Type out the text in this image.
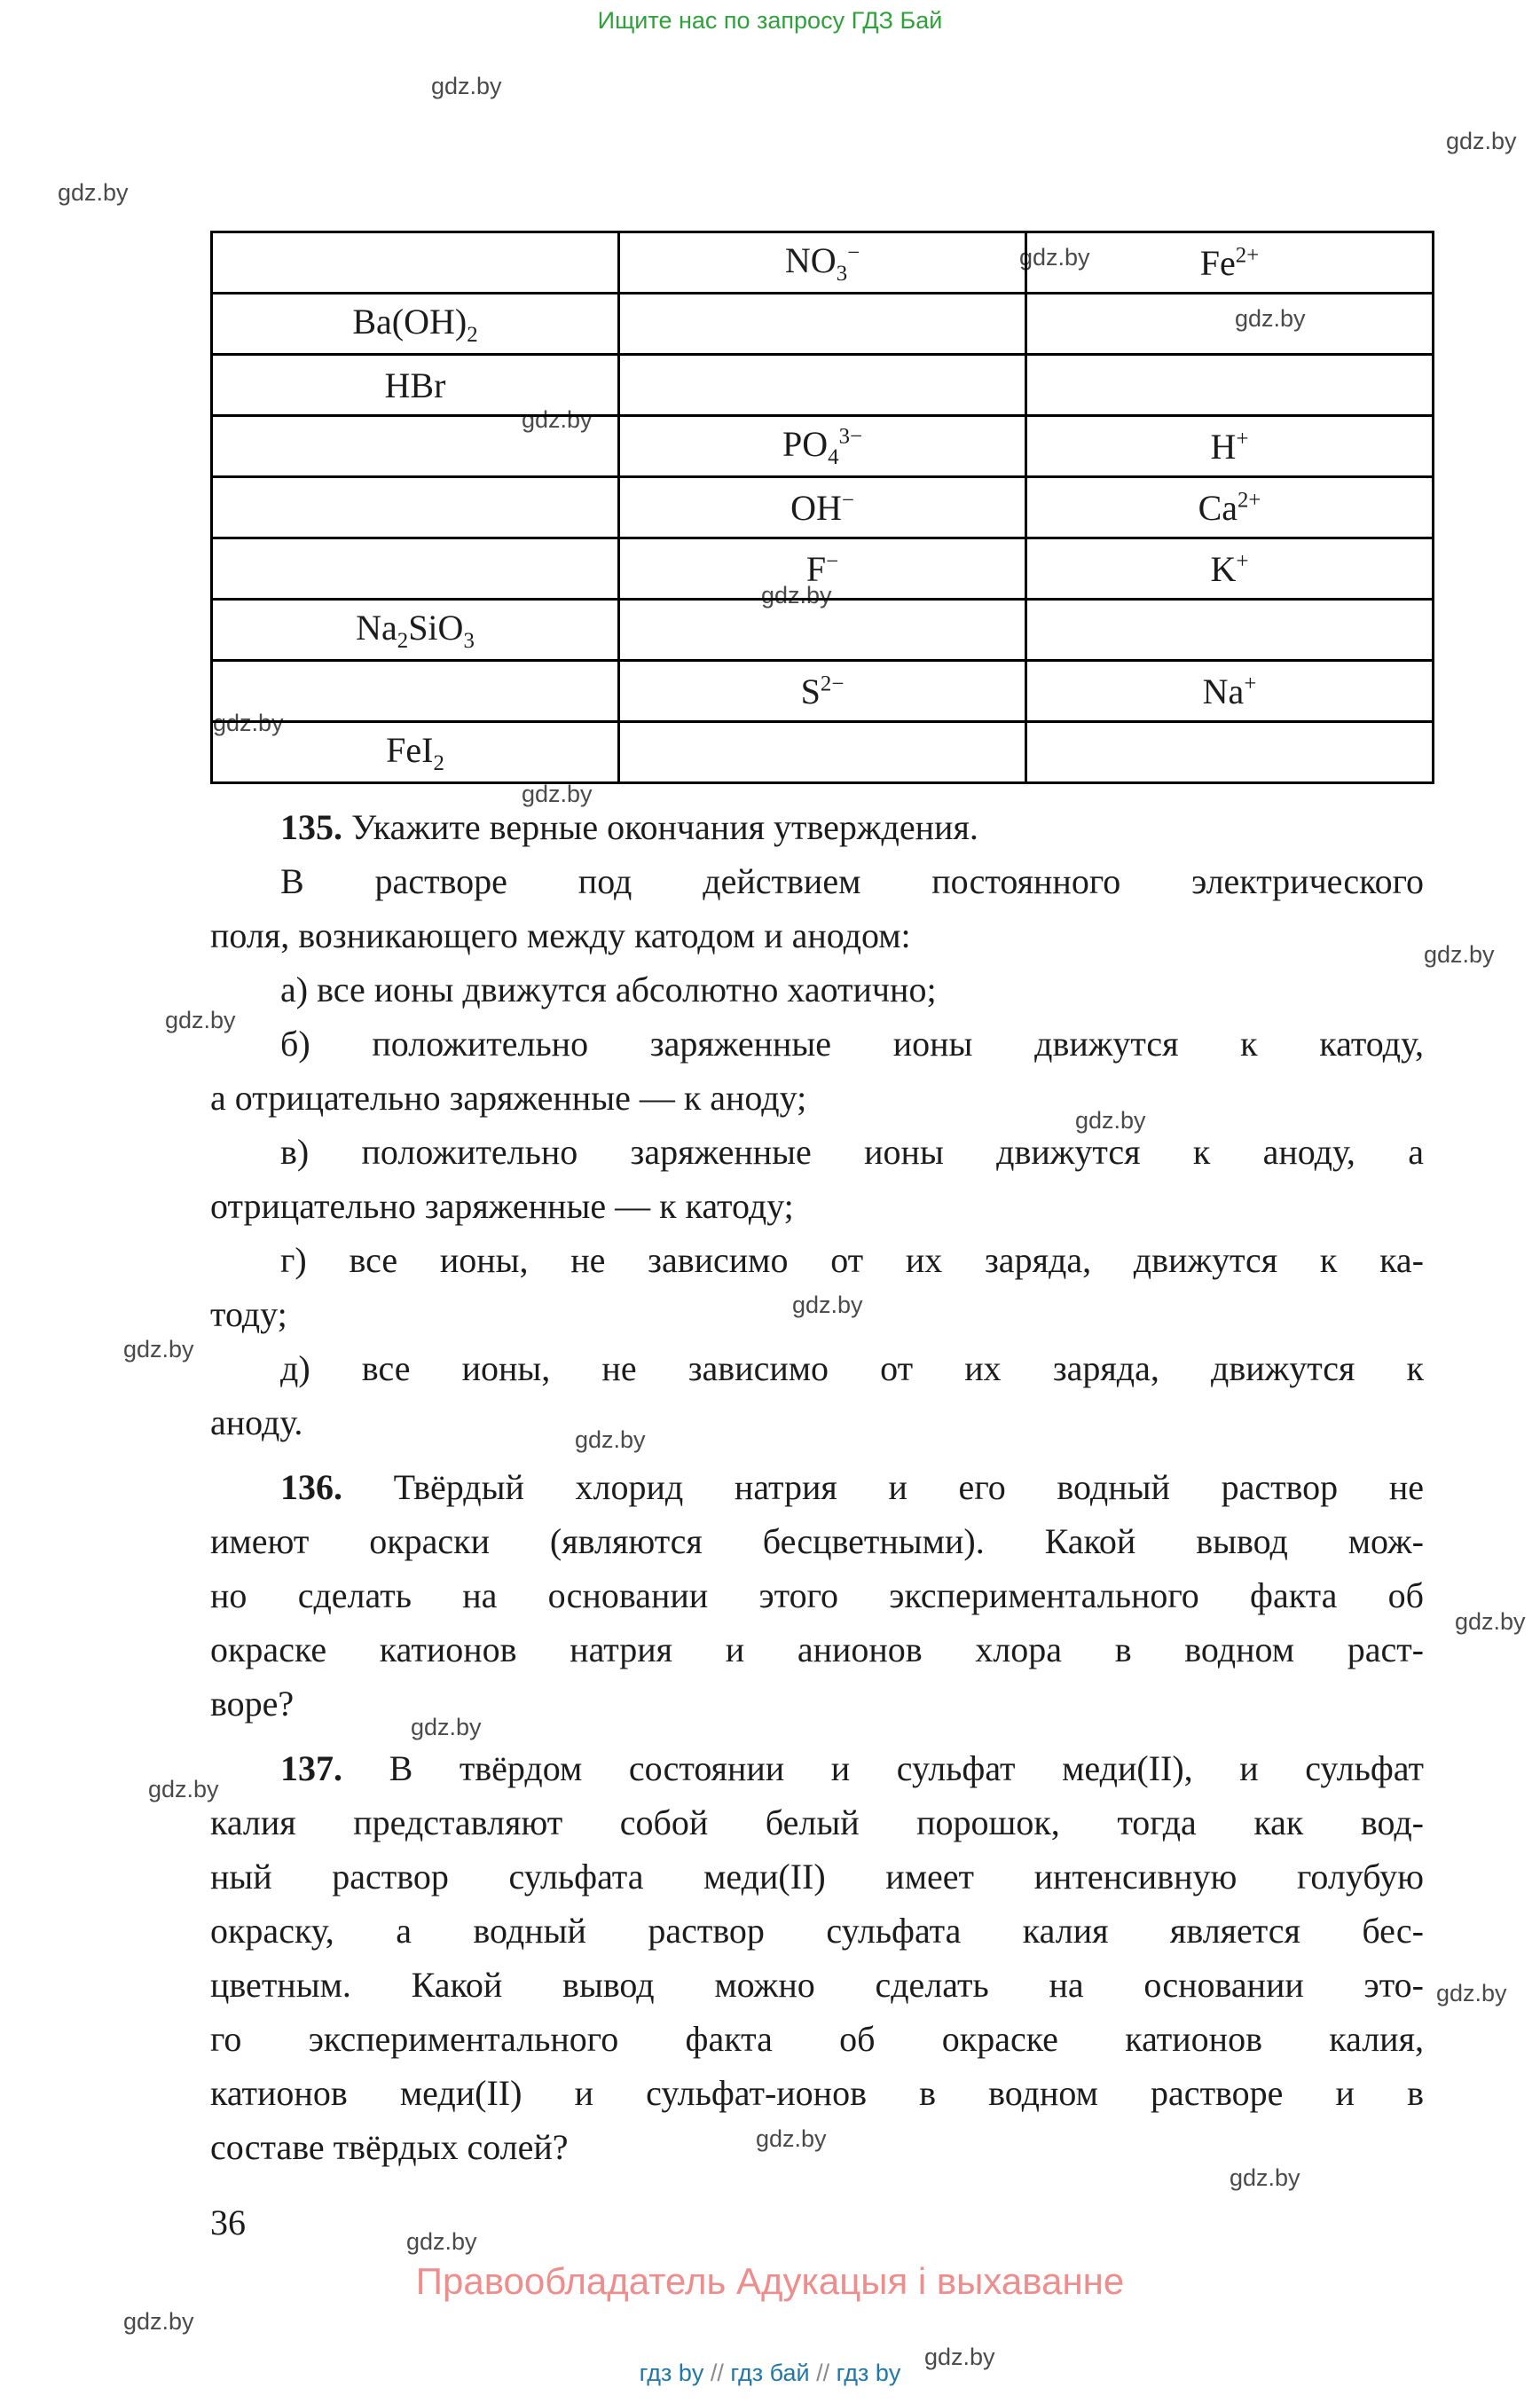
Ищите нас по запросу ГДЗ Бай
gdz.by
gdz.by
gdz.by
gdz.by
gdz.by
gdz.by
gdz.by
gdz.by
gdz.by
gdz.by
gdz.by
gdz.by
gdz.by
gdz.by
gdz.by
gdz.by
gdz.by
gdz.by
gdz.by
gdz.by
gdz.by
gdz.by
gdz.by
gdz.by
	$NO_3^-$	$Fe^{2+}$
$Ba(OH)_2$		
HBr		
	$PO_4^{3-}$	H+
	OH−	$Ca^{2+}$
	F−	K+
$Na_2SiO_3$		
	$S^{2-}$	Na+
FeI$_2$		
135. Укажите верные окончания утверждения.
В растворе под действием постоянного электрического
поля, возникающего между катодом и анодом:
а) все ионы движутся абсолютно хаотично;
б) положительно заряженные ионы движутся к катоду,
а отрицательно заряженные — к аноду;
в) положительно заряженные ионы движутся к аноду, а
отрицательно заряженные — к катоду;
г) все ионы, не зависимо от их заряда, движутся к ка-
тоду;
д) все ионы, не зависимо от их заряда, движутся к
аноду.
136. Твёрдый хлорид натрия и его водный раствор не
имеют окраски (являются бесцветными). Какой вывод мож-
но сделать на основании этого экспериментального факта об
окраске катионов натрия и анионов хлора в водном раст-
воре?
137. В твёрдом состоянии и сульфат меди(II), и сульфат
калия представляют собой белый порошок, тогда как вод-
ный раствор сульфата меди(II) имеет интенсивную голубую
окраску, а водный раствор сульфата калия является бес-
цветным. Какой вывод можно сделать на основании это-
го экспериментального факта об окраске катионов калия,
катионов меди(II) и сульфат-ионов в водном растворе и в
составе твёрдых солей?
36
Правообладатель Адукацыя і выхаванне
гдз by // гдз бай // гдз by
